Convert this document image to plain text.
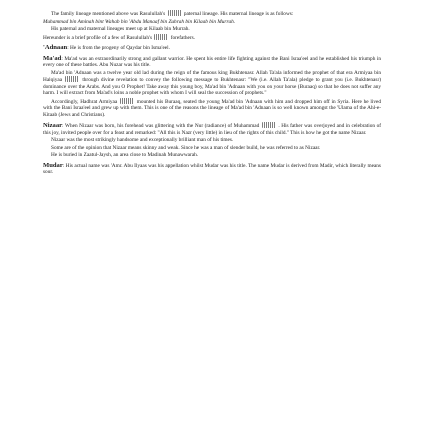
The family lineage mentioned above was Rasulullah's	paternal lineage. His maternal lineage is as follows:

Muhammad bin Aminah bint Wahab bin 'Abdu Manaaf bin Zuhrah bin Kilaab bin Murrah.

His paternal and maternal lineages meet up at Kilaab bin Murrah.

Hereunder is a brief profile of a few of Rasulullah's	forefathers.

'Adnaan: He is from the progeny of Qaydar bin Isma'eel.

Ma'ad: Ma'ad was an extraordinarily strong and gallant warrior. He spent his entire life fighting against the Bani Israa'eel and he established his triumph in every one of these battles. Abu Nuzar was his title.

Ma'ad bin 'Adnaan was a twelve year old lad during the reign of the famous king Bukhtenasr. Allah Ta'ala informed the prophet of that era Armiyaa bin Halqiyaa	through divine revelation to convey the following message to Bukhtenasr: "We (i.e. Allah Ta'ala) pledge to grant you (i.e. Bukhtenasr) dominance over the Arabs. And you O Prophet! Take away this young boy, Ma'ad bin 'Adnaan with you on your horse (Buraaq) so that he does not suffer any harm. I will extract from Ma'ad's loins a noble prophet with whom I will seal the succession of prophets."

Accordingly, Hadhrat Armiyaa	mounted his Buraaq, seated the young Ma'ad bin 'Adnaan with him and dropped him off in Syria. Here he lived with the Bani Israa'eel and grew up with them. This is one of the reasons the lineage of Ma'ad bin 'Adnaan is so well known amongst the 'Ulama of the Ahl-e-Kitaab (Jews and Christians).

Nizaar: When Nizaar was born, his forehead was glittering with the Nur (radiance) of Muhammad	. His father was overjoyed and in celebration of this joy, invited people over for a feast and remarked: "All this is Nazr (very little) in lieu of the rights of this child." This is how he got the name Nizaar.

Nizaar was the most strikingly handsome and exceptionally brilliant man of his times.

Some are of the opinion that Nizaar means skinny and weak. Since he was a man of slender build, he was referred to as Nizaar.

He is buried in Zaatul-Jaysh, an area close to Madinah Munawwarah.

Mudar: His actual name was 'Amr. Abu Ilyaas was his appellation whilst Mudar was his title. The name Mudar is derived from Madir, which literally means sour.
